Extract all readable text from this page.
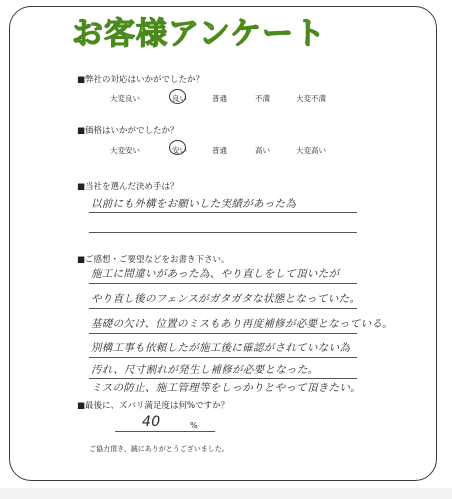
お客様アンケート
■弊社の対応はいかがでしたか？
大変良い	良い	普通	不満	大変不満
■価格はいかがでしたか？
大変安い	安い	普通	高い	大変高い
■当社を選んだ決め手は？
以前にも外構をお願いした実績があった為
■ご感想・ご要望などをお書き下さい。
施工に間違いがあった為、やり直しをして頂いたが
やり直し後のフェンスがガタガタな状態となっていた。
基礎の欠け、位置のミスもあり再度補修が必要となっている。
別構工事も依頼したが施工後に確認がされていない為
汚れ、尺寸割れが発生し補修が必要となった。
ミスの防止、施工管理等をしっかりとやって頂きたい。
■最後に、ズバリ満足度は何%ですか？
40	%
ご協力頂き、誠にありがとうございました。
